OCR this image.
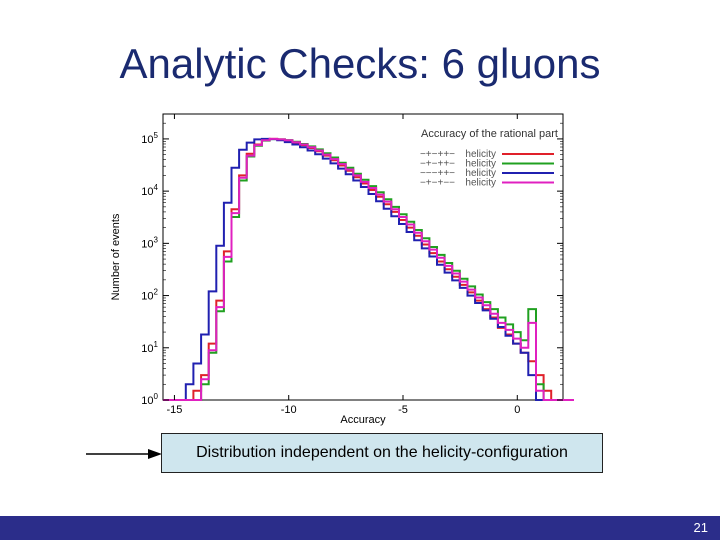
Analytic Checks: 6 gluons
-15	-10	-5	0
$10^0$
$10^1$
$10^2$
$10^3$
$10^4$
$10^5$	Accuracy of the rational part
−+−++− helicity
−+−++− helicity
−−−++− helicity
−+−+−− helicity
Accuracy
Number of events
Distribution independent on the helicity-configuration
21
